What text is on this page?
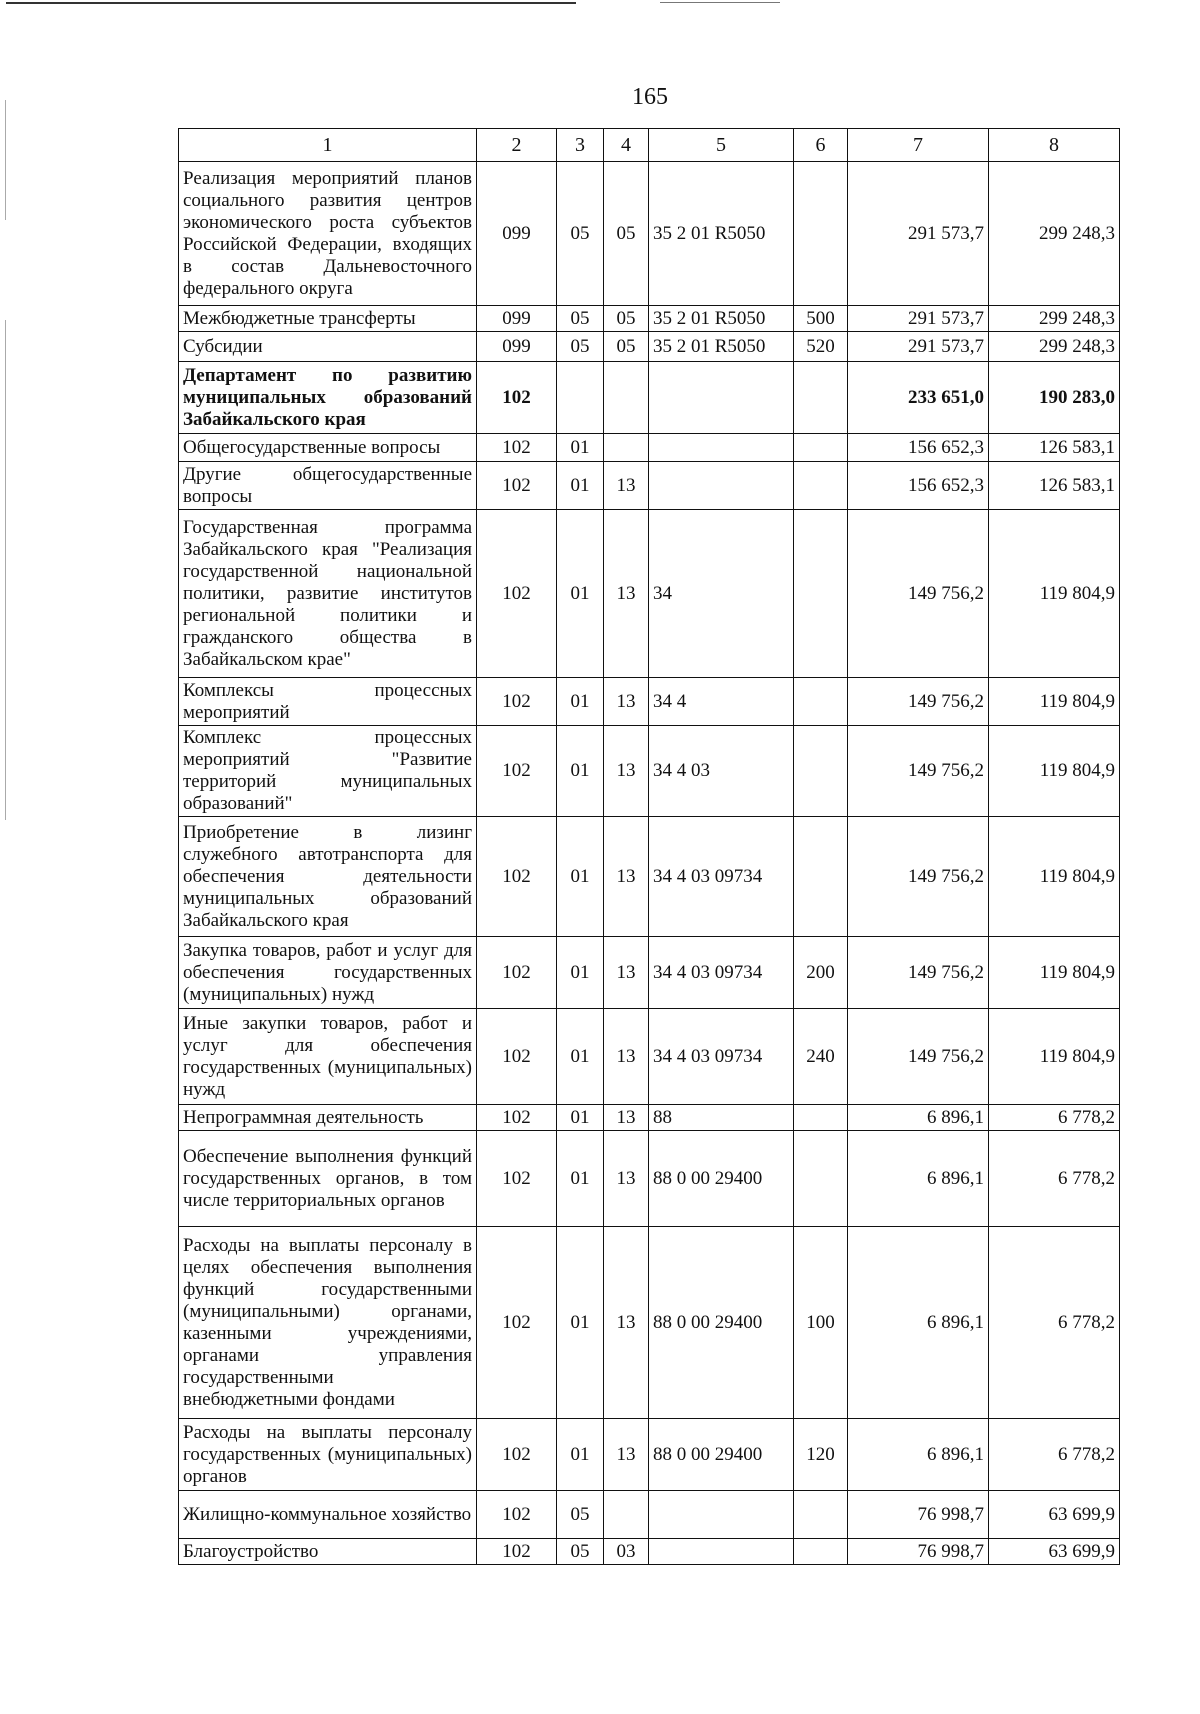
165
1	2	3	4	5	6	7	8
Реализация мероприятий планов социального развития центров экономического роста субъектов Российской Федерации, входящих в состав Дальневосточного федерального округа	099	05	05	35 2 01 R5050		291 573,7	299 248,3
Межбюджетные трансферты	099	05	05	35 2 01 R5050	500	291 573,7	299 248,3
Субсидии	099	05	05	35 2 01 R5050	520	291 573,7	299 248,3
Департамент по развитию муниципальных образований Забайкальского края	102					233 651,0	190 283,0
Общегосударственные вопросы	102	01				156 652,3	126 583,1
Другие общегосударственные вопросы	102	01	13			156 652,3	126 583,1
Государственная программа Забайкальского края "Реализация государственной национальной политики, развитие институтов региональной политики и гражданского общества в Забайкальском крае"	102	01	13	34		149 756,2	119 804,9
Комплексы процессных мероприятий	102	01	13	34 4		149 756,2	119 804,9
Комплекс процессных мероприятий "Развитие территорий муниципальных образований"	102	01	13	34 4 03		149 756,2	119 804,9
Приобретение в лизинг служебного автотранспорта для обеспечения деятельности муниципальных образований Забайкальского края	102	01	13	34 4 03 09734		149 756,2	119 804,9
Закупка товаров, работ и услуг для обеспечения государственных (муниципальных) нужд	102	01	13	34 4 03 09734	200	149 756,2	119 804,9
Иные закупки товаров, работ и услуг для обеспечения государственных (муниципальных) нужд	102	01	13	34 4 03 09734	240	149 756,2	119 804,9
Непрограммная деятельность	102	01	13	88		6 896,1	6 778,2
Обеспечение выполнения функций государственных органов, в том числе территориальных органов	102	01	13	88 0 00 29400		6 896,1	6 778,2
Расходы на выплаты персоналу в целях обеспечения выполнения функций государственными (муниципальными) органами, казенными учреждениями, органами управления государственными внебюджетными фондами	102	01	13	88 0 00 29400	100	6 896,1	6 778,2
Расходы на выплаты персоналу государственных (муниципальных) органов	102	01	13	88 0 00 29400	120	6 896,1	6 778,2
Жилищно-коммунальное хозяйство	102	05				76 998,7	63 699,9
Благоустройство	102	05	03			76 998,7	63 699,9
